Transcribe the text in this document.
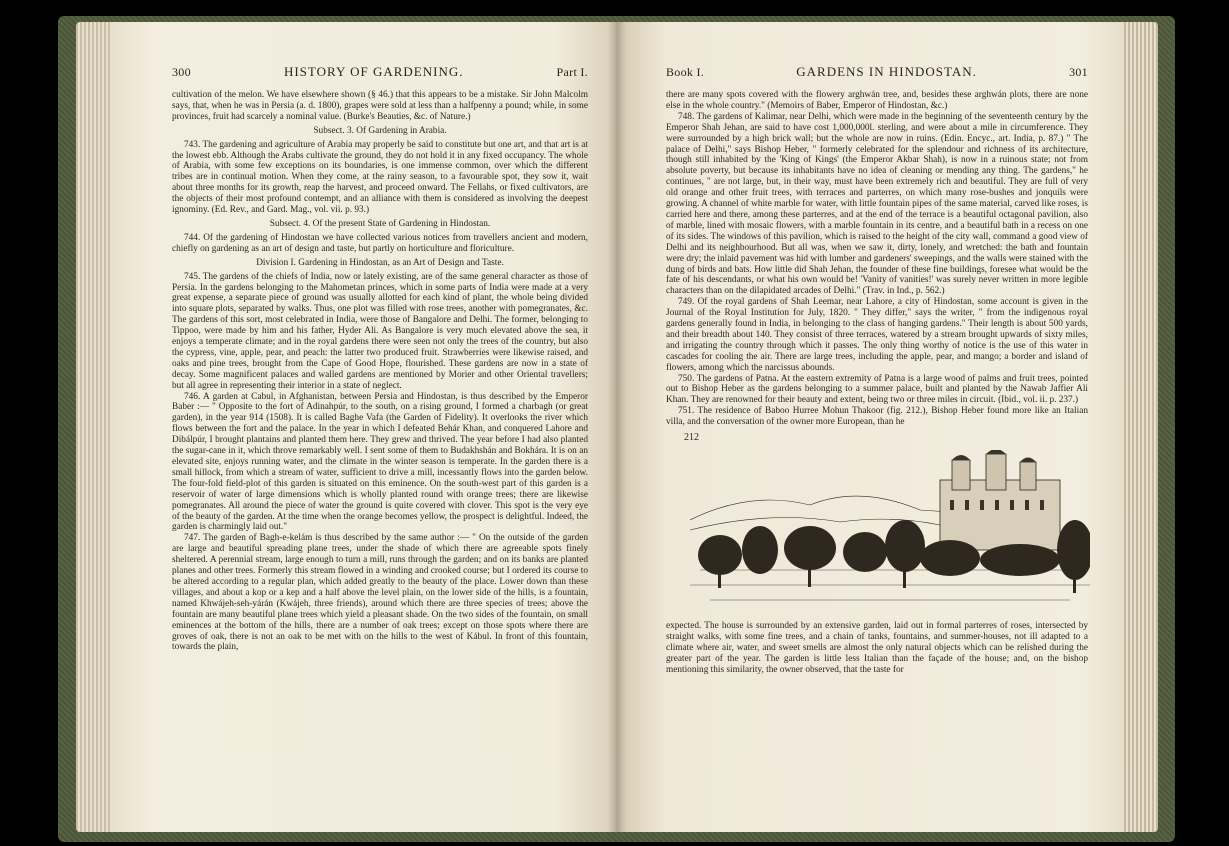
300	HISTORY OF GARDENING.	Part I.

cultivation of the melon. We have elsewhere shown (§ 46.) that this appears to be a mistake. Sir John Malcolm says, that, when he was in Persia (a. d. 1800), grapes were sold at less than a halfpenny a pound; while, in some provinces, fruit had scarcely a nominal value. (Burke's Beauties, &c. of Nature.)

Subsect. 3. Of Gardening in Arabia.

743. The gardening and agriculture of Arabia may properly be said to constitute but one art, and that art is at the lowest ebb. Although the Arabs cultivate the ground, they do not hold it in any fixed occupancy. The whole of Arabia, with some few exceptions on its boundaries, is one immense common, over which the different tribes are in continual motion. When they come, at the rainy season, to a favourable spot, they sow it, wait about three months for its growth, reap the harvest, and proceed onward. The Fellahs, or fixed cultivators, are the objects of their most profound contempt, and an alliance with them is considered as involving the deepest ignominy. (Ed. Rev., and Gard. Mag., vol. vii. p. 93.)

Subsect. 4. Of the present State of Gardening in Hindostan.

744. Of the gardening of Hindostan we have collected various notices from travellers ancient and modern, chiefly on gardening as an art of design and taste, but partly on horticulture and floriculture.

Division I. Gardening in Hindostan, as an Art of Design and Taste.

745. The gardens of the chiefs of India, now or lately existing, are of the same general character as those of Persia. In the gardens belonging to the Mahometan princes, which in some parts of India were made at a very great expense, a separate piece of ground was usually allotted for each kind of plant, the whole being divided into square plots, separated by walks. Thus, one plot was filled with rose trees, another with pomegranates, &c. The gardens of this sort, most celebrated in India, were those of Bangalore and Delhi. The former, belonging to Tippoo, were made by him and his father, Hyder Ali. As Bangalore is very much elevated above the sea, it enjoys a temperate climate; and in the royal gardens there were seen not only the trees of the country, but also the cypress, vine, apple, pear, and peach: the latter two produced fruit. Strawberries were likewise raised, and oaks and pine trees, brought from the Cape of Good Hope, flourished. These gardens are now in a state of decay. Some magnificent palaces and walled gardens are mentioned by Morier and other Oriental travellers; but all agree in representing their interior in a state of neglect.

746. A garden at Cabul, in Afghanistan, between Persia and Hindostan, is thus described by the Emperor Baber :— " Opposite to the fort of Adinahpúr, to the south, on a rising ground, I formed a charbagh (or great garden), in the year 914 (1508). It is called Baghe Vafa (the Garden of Fidelity). It overlooks the river which flows between the fort and the palace. In the year in which I defeated Behár Khan, and conquered Lahore and Dibálpúr, I brought plantains and planted them here. They grew and thrived. The year before I had also planted the sugar-cane in it, which throve remarkably well. I sent some of them to Budakhshán and Bokhára. It is on an elevated site, enjoys running water, and the climate in the winter season is temperate. In the garden there is a small hillock, from which a stream of water, sufficient to drive a mill, incessantly flows into the garden below. The four-fold field-plot of this garden is situated on this eminence. On the south-west part of this garden is a reservoir of water of large dimensions which is wholly planted round with orange trees; there are likewise pomegranates. All around the piece of water the ground is quite covered with clover. This spot is the very eye of the beauty of the garden. At the time when the orange becomes yellow, the prospect is delightful. Indeed, the garden is charmingly laid out."

747. The garden of Bagh-e-kelám is thus described by the same author :— " On the outside of the garden are large and beautiful spreading plane trees, under the shade of which there are agreeable spots finely sheltered. A perennial stream, large enough to turn a mill, runs through the garden; and on its banks are planted planes and other trees. Formerly this stream flowed in a winding and crooked course; but I ordered its course to be altered according to a regular plan, which added greatly to the beauty of the place. Lower down than these villages, and about a kop or a kep and a half above the level plain, on the lower side of the hills, is a fountain, named Khwájeh-seh-yárán (Kwájeh, three friends), around which there are three species of trees; above the fountain are many beautiful plane trees which yield a pleasant shade. On the two sides of the fountain, on small eminences at the bottom of the hills, there are a number of oak trees; except on those spots where there are groves of oak, there is not an oak to be met with on the hills to the west of Kábul. In front of this fountain, towards the plain,

Book I.	GARDENS IN HINDOSTAN.	301

there are many spots covered with the flowery arghwán tree, and, besides these arghwán plots, there are none else in the whole country." (Memoirs of Baber, Emperor of Hindostan, &c.)

748. The gardens of Kalimar, near Delhi, which were made in the beginning of the seventeenth century by the Emperor Shah Jehan, are said to have cost 1,000,000l. sterling, and were about a mile in circumference. They were surrounded by a high brick wall; but the whole are now in ruins. (Edin. Encyc., art. India, p. 87.) " The palace of Delhi," says Bishop Heber, " formerly celebrated for the splendour and richness of its architecture, though still inhabited by the 'King of Kings' (the Emperor Akbar Shah), is now in a ruinous state; not from absolute poverty, but because its inhabitants have no idea of cleaning or mending any thing. The gardens," he continues, " are not large, but, in their way, must have been extremely rich and beautiful. They are full of very old orange and other fruit trees, with terraces and parterres, on which many rose-bushes and jonquils were growing. A channel of white marble for water, with little fountain pipes of the same material, carved like roses, is carried here and there, among these parterres, and at the end of the terrace is a beautiful octagonal pavilion, also of marble, lined with mosaic flowers, with a marble fountain in its centre, and a beautiful bath in a recess on one of its sides. The windows of this pavilion, which is raised to the height of the city wall, command a good view of Delhi and its neighbourhood. But all was, when we saw it, dirty, lonely, and wretched: the bath and fountain were dry; the inlaid pavement was hid with lumber and gardeners' sweepings, and the walls were stained with the dung of birds and bats. How little did Shah Jehan, the founder of these fine buildings, foresee what would be the fate of his descendants, or what his own would be! 'Vanity of vanities!' was surely never written in more legible characters than on the dilapidated arcades of Delhi." (Trav. in Ind., p. 562.)

749. Of the royal gardens of Shah Leemar, near Lahore, a city of Hindostan, some account is given in the Journal of the Royal Institution for July, 1820. " They differ," says the writer, " from the indigenous royal gardens generally found in India, in belonging to the class of hanging gardens." Their length is about 500 yards, and their breadth about 140. They consist of three terraces, watered by a stream brought upwards of sixty miles, and irrigating the country through which it passes. The only thing worthy of notice is the use of this water in cascades for cooling the air. There are large trees, including the apple, pear, and mango; a border and island of flowers, among which the narcissus abounds.

750. The gardens of Patna. At the eastern extremity of Patna is a large wood of palms and fruit trees, pointed out to Bishop Heber as the gardens belonging to a summer palace, built and planted by the Nawab Jaffier Ali Khan. They are renowned for their beauty and extent, being two or three miles in circuit. (Ibid., vol. ii. p. 237.)

751. The residence of Baboo Hurree Mohun Thakoor (fig. 212.), Bishop Heber found more like an Italian villa, and the conversation of the owner more European, than he

212

expected. The house is surrounded by an extensive garden, laid out in formal parterres of roses, intersected by straight walks, with some fine trees, and a chain of tanks, fountains, and summer-houses, not ill adapted to a climate where air, water, and sweet smells are almost the only natural objects which can be relished during the greater part of the year. The garden is little less Italian than the façade of the house; and, on the bishop mentioning this similarity, the owner observed, that the taste for
